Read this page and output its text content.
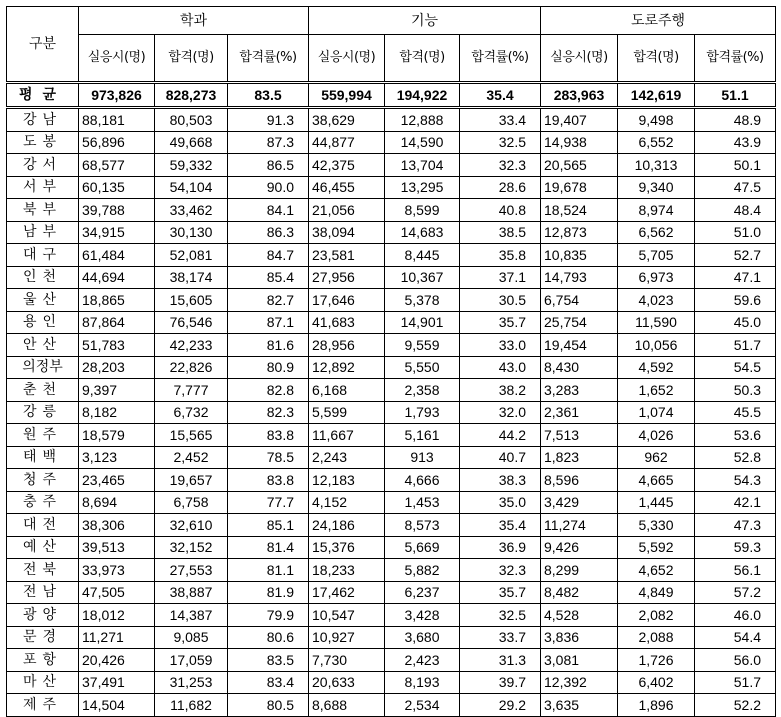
구분	학과			기능			도로주행		
	실응시(명)	합격(명)	합격률(%)	실응시(명)	합격(명)	합격률(%)	실응시(명)	합격(명)	합격률(%)
평균	973,826	828,273	83.5	559,994	194,922	35.4	283,963	142,619	51.1
강남	88,181	80,503	91.3	38,629	12,888	33.4	19,407	9,498	48.9
도봉	56,896	49,668	87.3	44,877	14,590	32.5	14,938	6,552	43.9
강서	68,577	59,332	86.5	42,375	13,704	32.3	20,565	10,313	50.1
서부	60,135	54,104	90.0	46,455	13,295	28.6	19,678	9,340	47.5
북부	39,788	33,462	84.1	21,056	8,599	40.8	18,524	8,974	48.4
남부	34,915	30,130	86.3	38,094	14,683	38.5	12,873	6,562	51.0
대구	61,484	52,081	84.7	23,581	8,445	35.8	10,835	5,705	52.7
인천	44,694	38,174	85.4	27,956	10,367	37.1	14,793	6,973	47.1
울산	18,865	15,605	82.7	17,646	5,378	30.5	6,754	4,023	59.6
용인	87,864	76,546	87.1	41,683	14,901	35.7	25,754	11,590	45.0
안산	51,783	42,233	81.6	28,956	9,559	33.0	19,454	10,056	51.7
의정부	28,203	22,826	80.9	12,892	5,550	43.0	8,430	4,592	54.5
춘천	9,397	7,777	82.8	6,168	2,358	38.2	3,283	1,652	50.3
강릉	8,182	6,732	82.3	5,599	1,793	32.0	2,361	1,074	45.5
원주	18,579	15,565	83.8	11,667	5,161	44.2	7,513	4,026	53.6
태백	3,123	2,452	78.5	2,243	913	40.7	1,823	962	52.8
청주	23,465	19,657	83.8	12,183	4,666	38.3	8,596	4,665	54.3
충주	8,694	6,758	77.7	4,152	1,453	35.0	3,429	1,445	42.1
대전	38,306	32,610	85.1	24,186	8,573	35.4	11,274	5,330	47.3
예산	39,513	32,152	81.4	15,376	5,669	36.9	9,426	5,592	59.3
전북	33,973	27,553	81.1	18,233	5,882	32.3	8,299	4,652	56.1
전남	47,505	38,887	81.9	17,462	6,237	35.7	8,482	4,849	57.2
광양	18,012	14,387	79.9	10,547	3,428	32.5	4,528	2,082	46.0
문경	11,271	9,085	80.6	10,927	3,680	33.7	3,836	2,088	54.4
포항	20,426	17,059	83.5	7,730	2,423	31.3	3,081	1,726	56.0
마산	37,491	31,253	83.4	20,633	8,193	39.7	12,392	6,402	51.7
제주	14,504	11,682	80.5	8,688	2,534	29.2	3,635	1,896	52.2
